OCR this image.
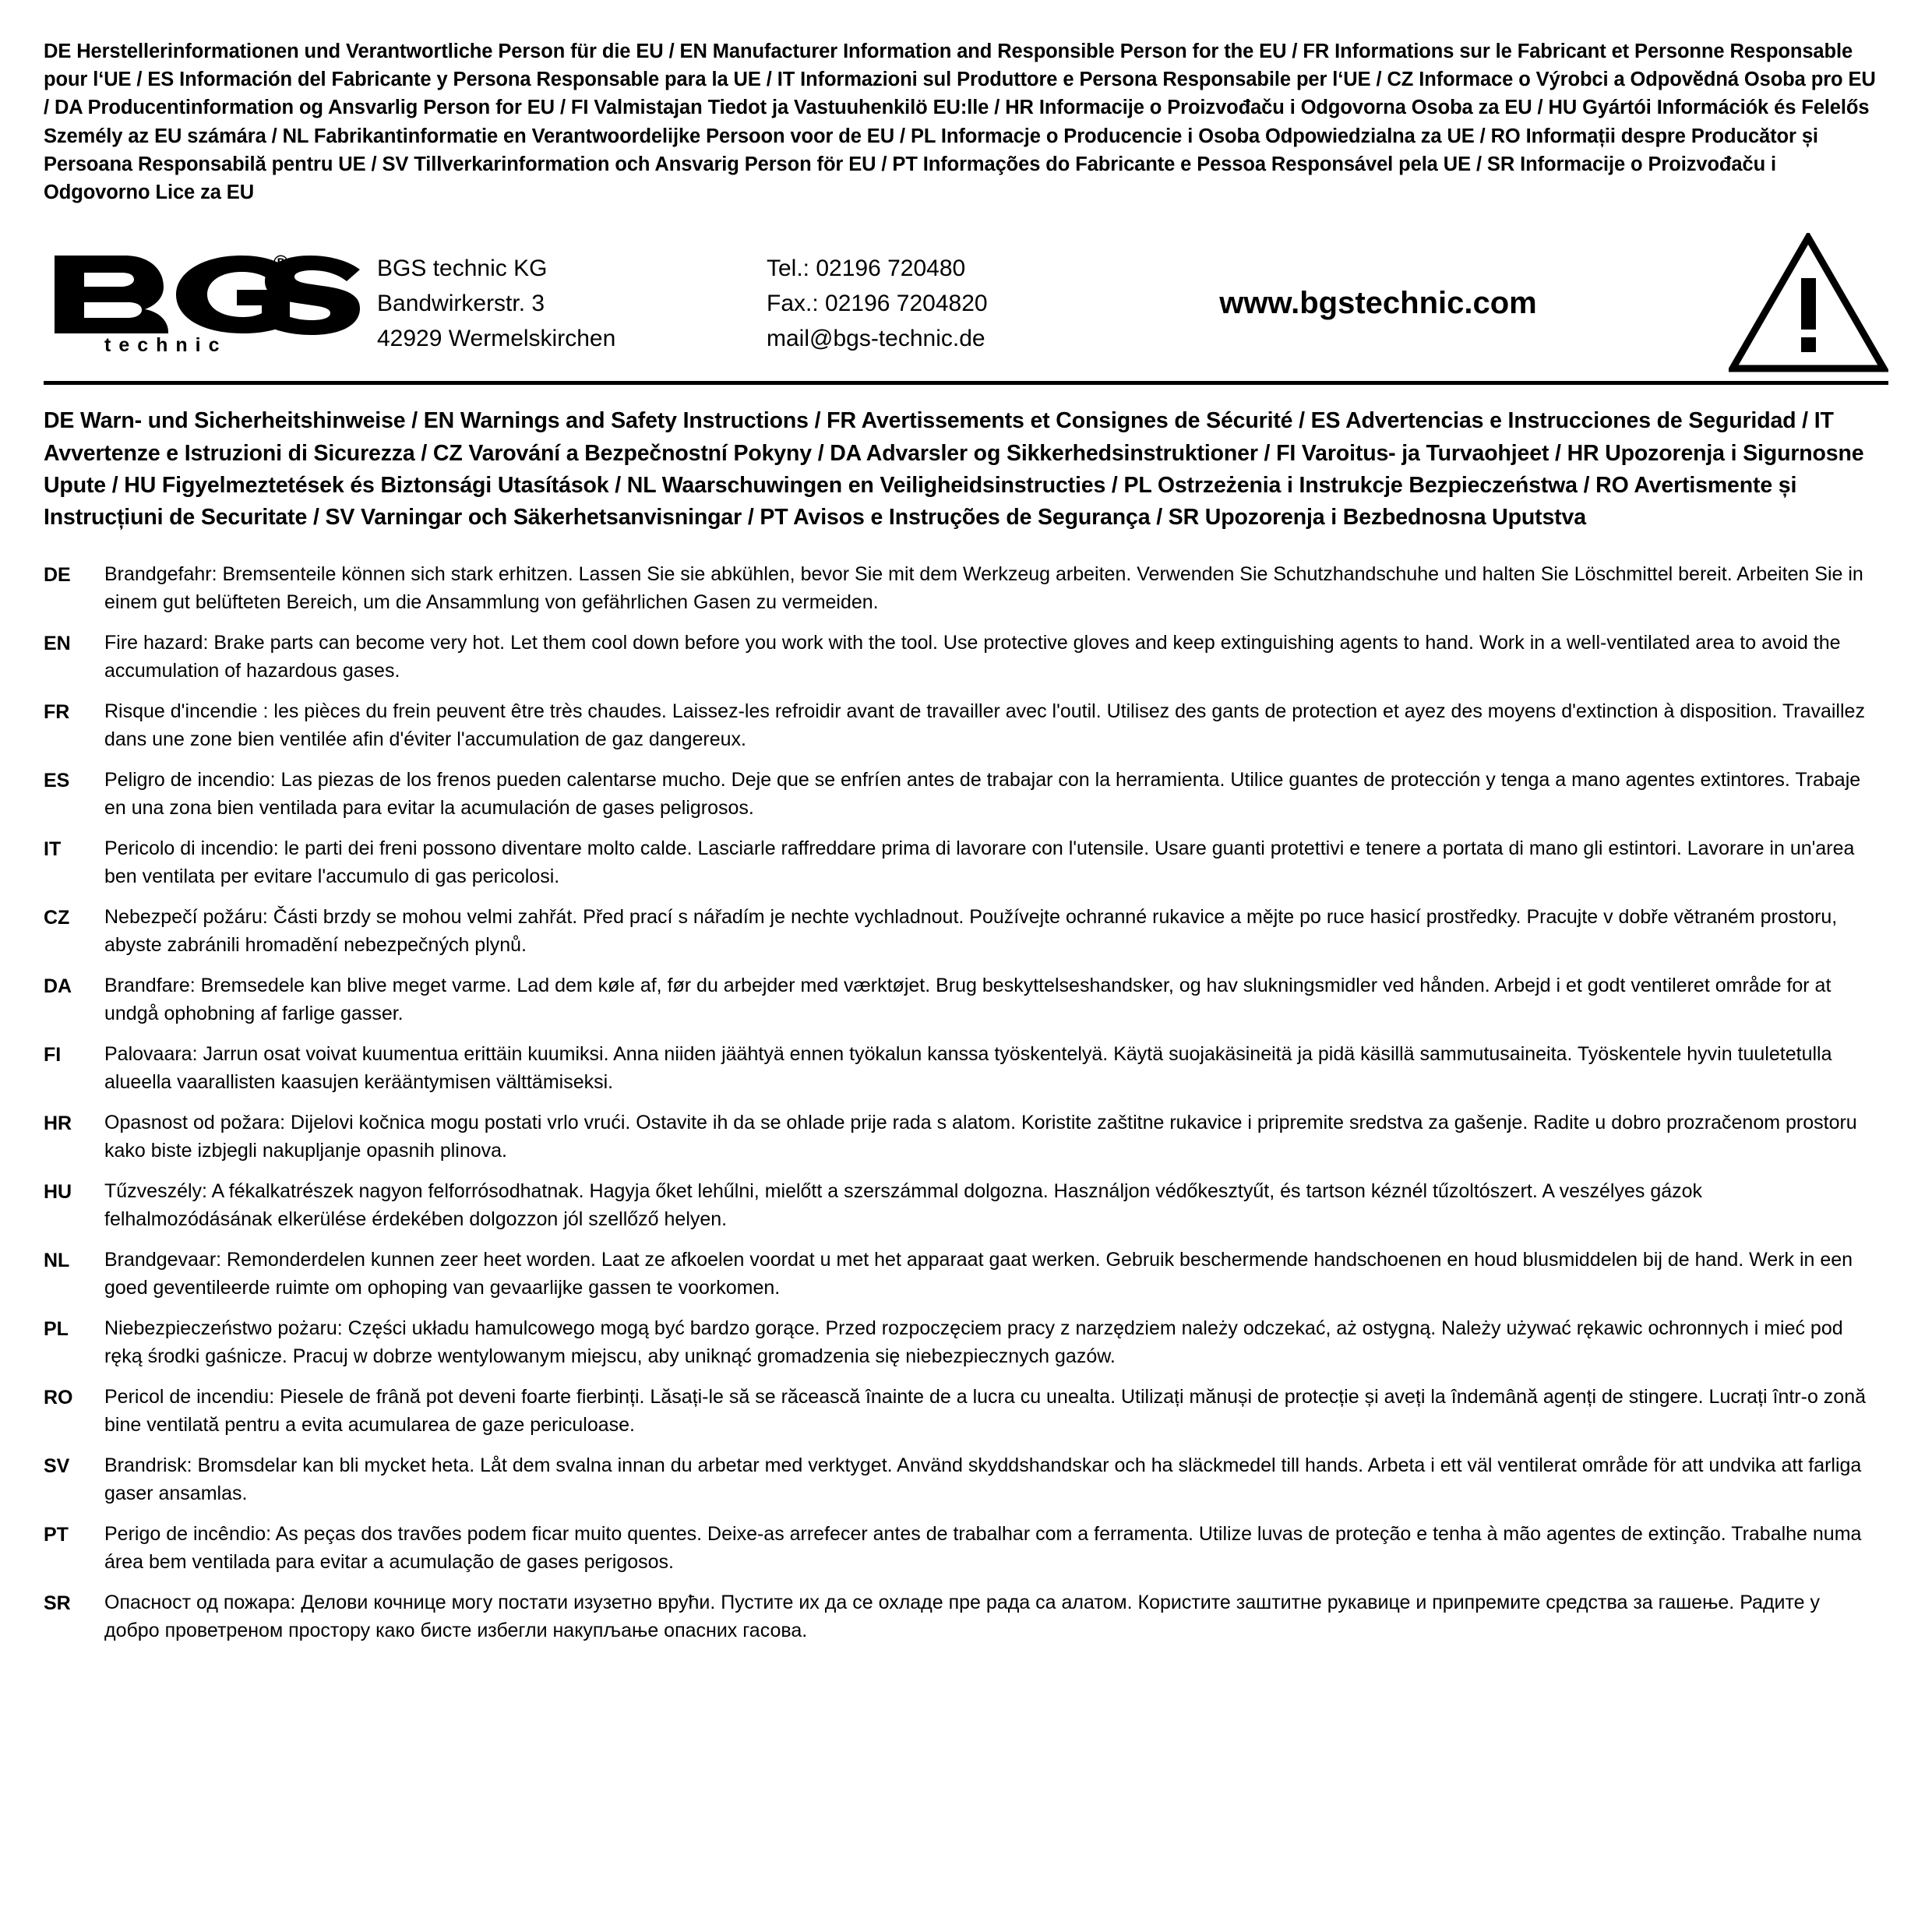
DE Herstellerinformationen und Verantwortliche Person für die EU / EN Manufacturer Information and Responsible Person for the EU / FR Informations sur le Fabricant et Personne Responsable pour l‘UE / ES Información del Fabricante y Persona Responsable para la UE / IT Informazioni sul Produttore e Persona Responsabile per l‘UE / CZ Informace o Výrobci a Odpovědná Osoba pro EU / DA Producentinformation og Ansvarlig Person for EU / FI Valmistajan Tiedot ja Vastuuhenkilö EU:lle / HR Informacije o Proizvođaču i Odgovorna Osoba za EU / HU Gyártói Információk és Felelős Személy az EU számára / NL Fabrikantinformatie en Verantwoordelijke Persoon voor de EU / PL Informacje o Producencie i Osoba Odpowiedzialna za UE / RO Informații despre Producător și Persoana Responsabilă pentru UE / SV Tillverkarinformation och Ansvarig Person för EU / PT Informações do Fabricante e Pessoa Responsável pela UE / SR Informacije o Proizvođaču i Odgovorno Lice za EU
®
technic
BGS technic KG
Bandwirkerstr. 3
42929 Wermelskirchen
Tel.: 02196 720480
Fax.: 02196 7204820
mail@bgs-technic.de
www.bgstechnic.com
DE Warn- und Sicherheitshinweise / EN Warnings and Safety Instructions / FR Avertissements et Consignes de Sécurité / ES Advertencias e Instrucciones de Seguridad / IT Avvertenze e Istruzioni di Sicurezza / CZ Varování a Bezpečnostní Pokyny / DA Advarsler og Sikkerhedsinstruktioner / FI Varoitus- ja Turvaohjeet / HR Upozorenja i Sigurnosne Upute / HU Figyelmeztetések és Biztonsági Utasítások / NL Waarschuwingen en Veiligheidsinstructies / PL Ostrzeżenia i Instrukcje Bezpieczeństwa / RO Avertismente și Instrucțiuni de Securitate / SV Varningar och Säkerhetsanvisningar / PT Avisos e Instruções de Segurança / SR Upozorenja i Bezbednosna Uputstva
DE	Brandgefahr: Bremsenteile können sich stark erhitzen. Lassen Sie sie abkühlen, bevor Sie mit dem Werkzeug arbeiten. Verwenden Sie Schutzhandschuhe und halten Sie Löschmittel bereit. Arbeiten Sie in einem gut belüfteten Bereich, um die Ansammlung von gefährlichen Gasen zu vermeiden.
EN	Fire hazard: Brake parts can become very hot. Let them cool down before you work with the tool. Use protective gloves and keep extinguishing agents to hand. Work in a well-ventilated area to avoid the accumulation of hazardous gases.
FR	Risque d'incendie : les pièces du frein peuvent être très chaudes. Laissez-les refroidir avant de travailler avec l'outil. Utilisez des gants de protection et ayez des moyens d'extinction à disposition. Travaillez dans une zone bien ventilée afin d'éviter l'accumulation de gaz dangereux.
ES	Peligro de incendio: Las piezas de los frenos pueden calentarse mucho. Deje que se enfríen antes de trabajar con la herramienta. Utilice guantes de protección y tenga a mano agentes extintores. Trabaje en una zona bien ventilada para evitar la acumulación de gases peligrosos.
IT	Pericolo di incendio: le parti dei freni possono diventare molto calde. Lasciarle raffreddare prima di lavorare con l'utensile. Usare guanti protettivi e tenere a portata di mano gli estintori. Lavorare in un'area ben ventilata per evitare l'accumulo di gas pericolosi.
CZ	Nebezpečí požáru: Části brzdy se mohou velmi zahřát. Před prací s nářadím je nechte vychladnout. Používejte ochranné rukavice a mějte po ruce hasicí prostředky. Pracujte v dobře větraném prostoru, abyste zabránili hromadění nebezpečných plynů.
DA	Brandfare: Bremsedele kan blive meget varme. Lad dem køle af, før du arbejder med værktøjet. Brug beskyttelseshandsker, og hav slukningsmidler ved hånden. Arbejd i et godt ventileret område for at undgå ophobning af farlige gasser.
FI	Palovaara: Jarrun osat voivat kuumentua erittäin kuumiksi. Anna niiden jäähtyä ennen työkalun kanssa työskentelyä. Käytä suojakäsineitä ja pidä käsillä sammutusaineita. Työskentele hyvin tuuletetulla alueella vaarallisten kaasujen kerääntymisen välttämiseksi.
HR	Opasnost od požara: Dijelovi kočnica mogu postati vrlo vrući. Ostavite ih da se ohlade prije rada s alatom. Koristite zaštitne rukavice i pripremite sredstva za gašenje. Radite u dobro prozračenom prostoru kako biste izbjegli nakupljanje opasnih plinova.
HU	Tűzveszély: A fékalkatrészek nagyon felforrósodhatnak. Hagyja őket lehűlni, mielőtt a szerszámmal dolgozna. Használjon védőkesztyűt, és tartson kéznél tűzoltószert. A veszélyes gázok felhalmozódásának elkerülése érdekében dolgozzon jól szellőző helyen.
NL	Brandgevaar: Remonderdelen kunnen zeer heet worden. Laat ze afkoelen voordat u met het apparaat gaat werken. Gebruik beschermende handschoenen en houd blusmiddelen bij de hand. Werk in een goed geventileerde ruimte om ophoping van gevaarlijke gassen te voorkomen.
PL	Niebezpieczeństwo pożaru: Części układu hamulcowego mogą być bardzo gorące. Przed rozpoczęciem pracy z narzędziem należy odczekać, aż ostygną. Należy używać rękawic ochronnych i mieć pod ręką środki gaśnicze. Pracuj w dobrze wentylowanym miejscu, aby uniknąć gromadzenia się niebezpiecznych gazów.
RO	Pericol de incendiu: Piesele de frână pot deveni foarte fierbinți. Lăsați-le să se răcească înainte de a lucra cu unealta. Utilizați mănuși de protecție și aveți la îndemână agenți de stingere. Lucrați într-o zonă bine ventilată pentru a evita acumularea de gaze periculoase.
SV	Brandrisk: Bromsdelar kan bli mycket heta. Låt dem svalna innan du arbetar med verktyget. Använd skyddshandskar och ha släckmedel till hands. Arbeta i ett väl ventilerat område för att undvika att farliga gaser ansamlas.
PT	Perigo de incêndio: As peças dos travões podem ficar muito quentes. Deixe-as arrefecer antes de trabalhar com a ferramenta. Utilize luvas de proteção e tenha à mão agentes de extinção. Trabalhe numa área bem ventilada para evitar a acumulação de gases perigosos.
SR	Опасност од пожара: Делови кочнице могу постати изузетно врући. Пустите их да се охладе пре рада са алатом. Користите заштитне рукавице и припремите средства за гашење. Радите у добро проветреном простору како бисте избегли накупљање опасних гасова.
